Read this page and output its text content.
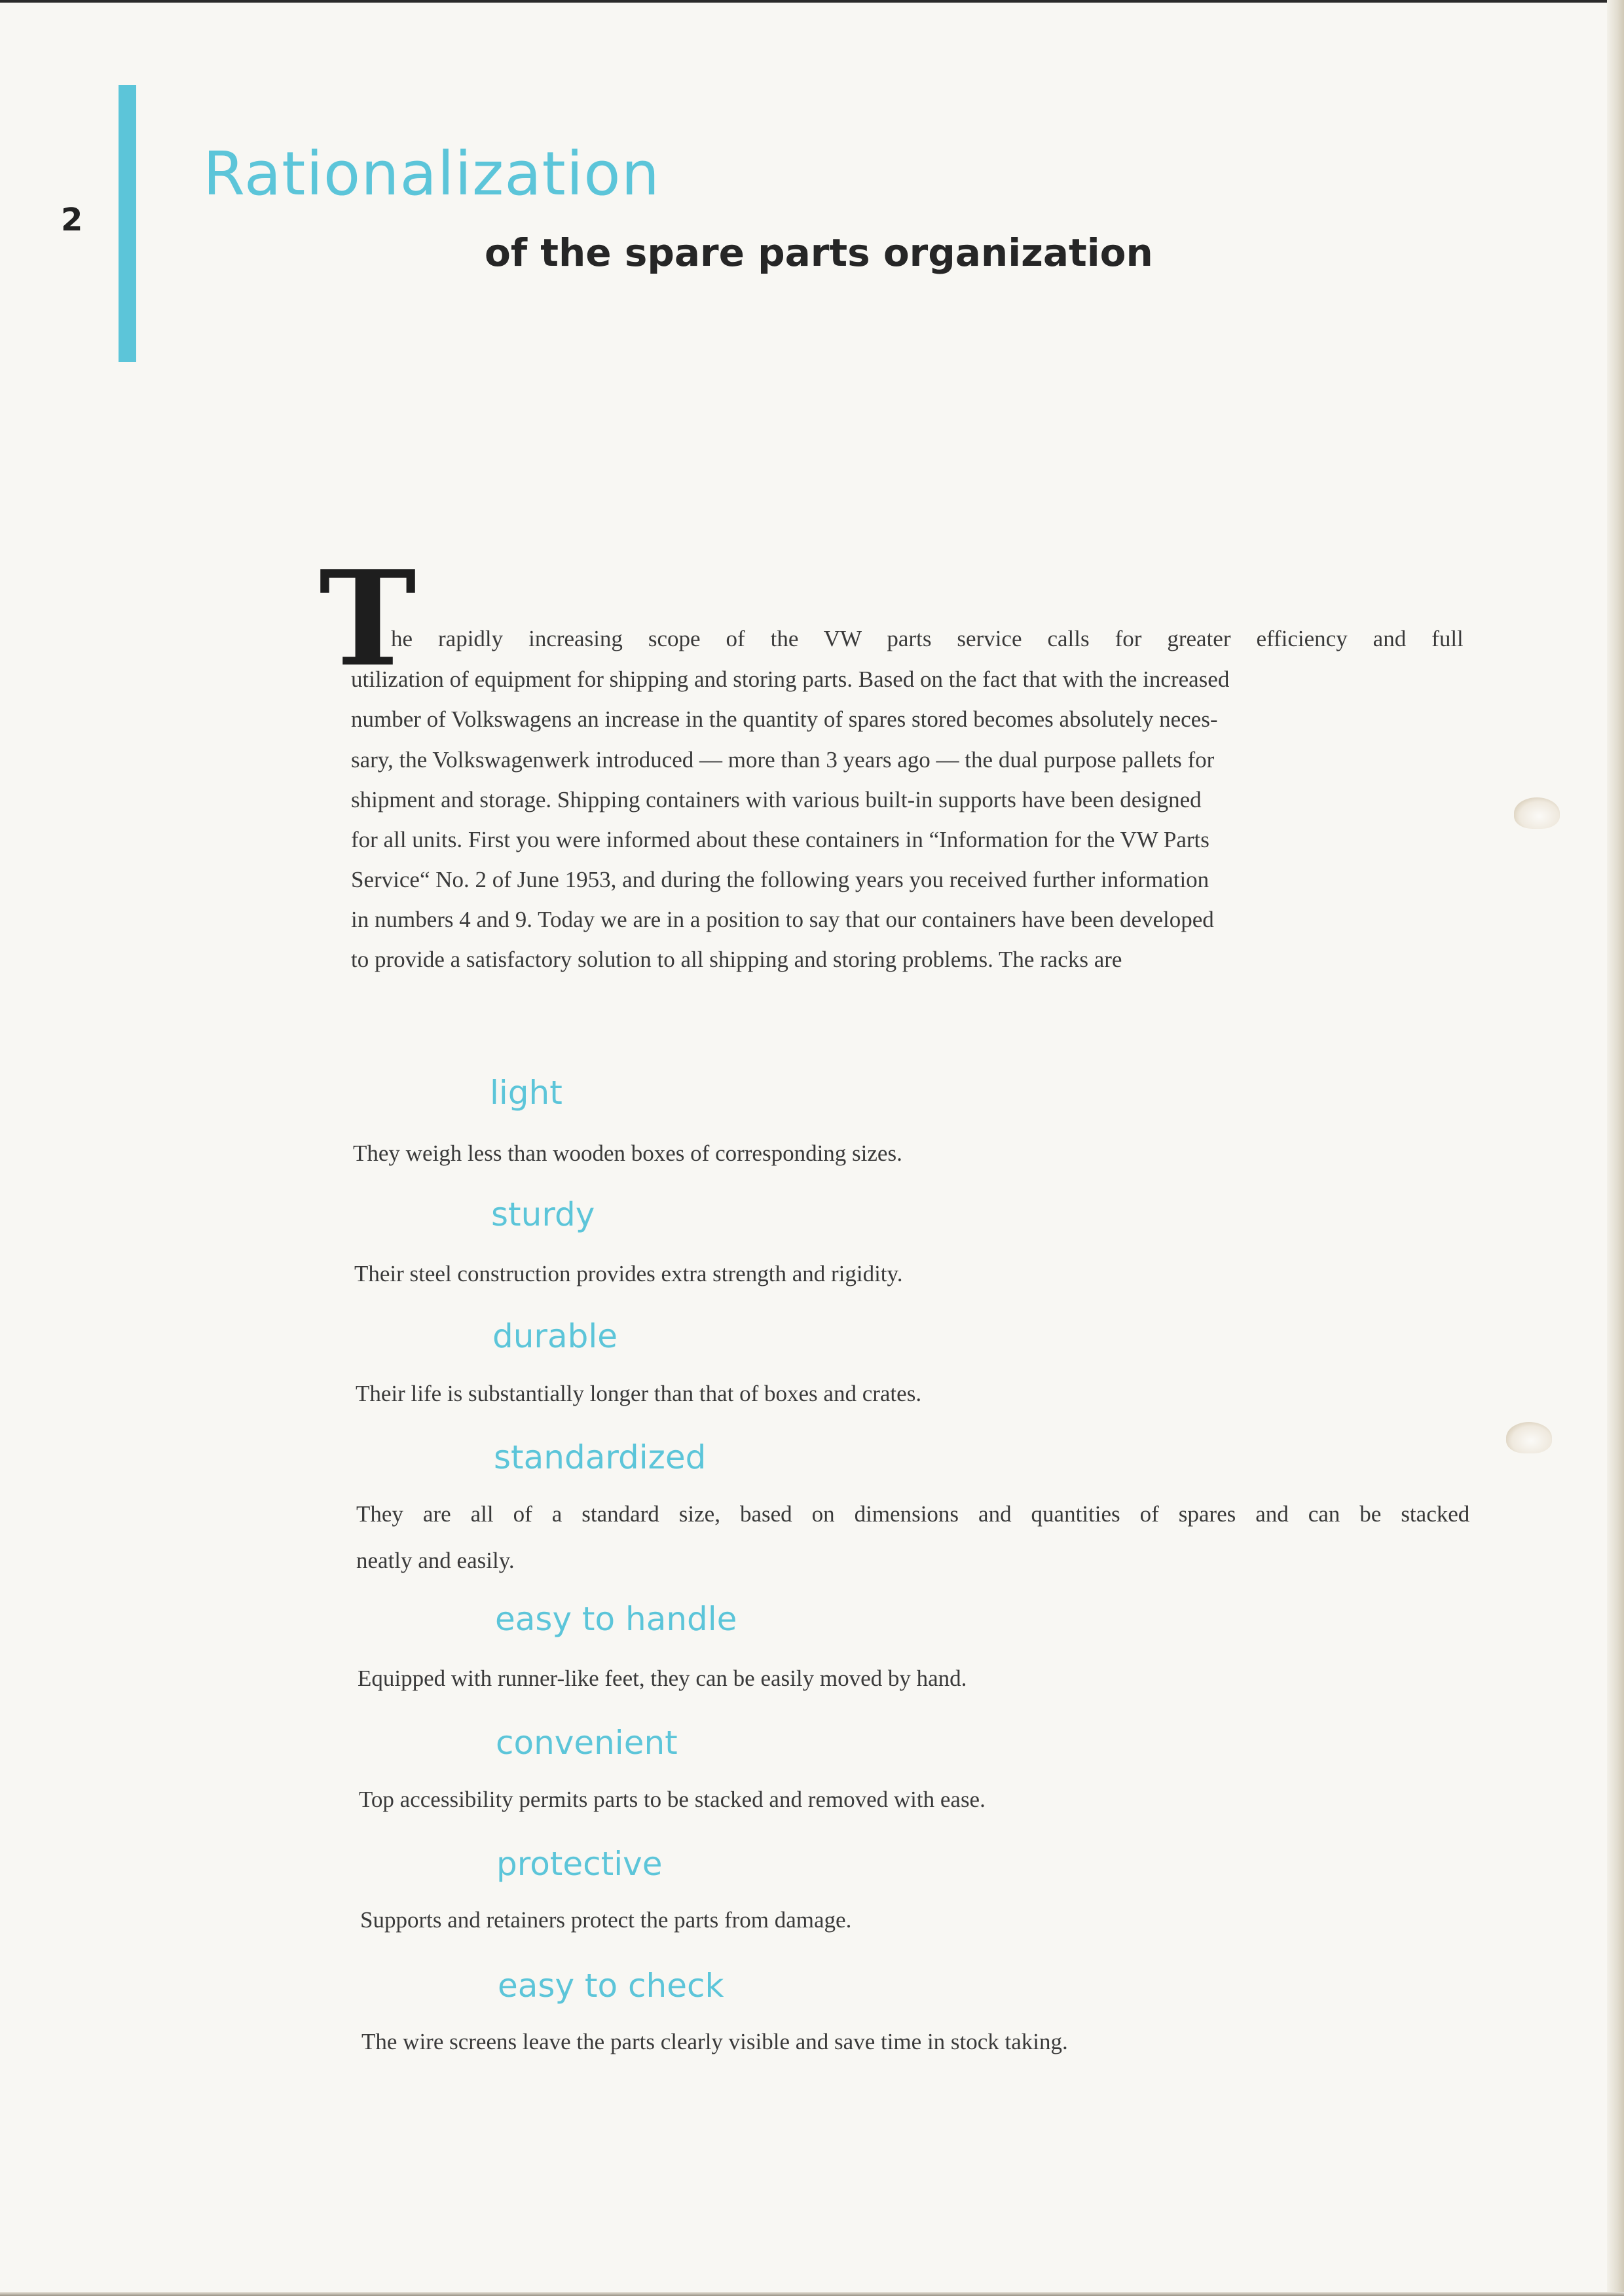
2
Rationalization
of the spare parts organization
T
he rapidly increasing scope of the VW parts service calls for greater efficiency and full
utilization of equipment for shipping and storing parts. Based on the fact that with the increased
number of Volkswagens an increase in the quantity of spares stored becomes absolutely neces-
sary, the Volkswagenwerk introduced — more than 3 years ago — the dual purpose pallets for
shipment and storage. Shipping containers with various built-in supports have been designed
for all units. First you were informed about these containers in “Information for the VW Parts
Service“ No. 2 of June 1953, and during the following years you received further information
in numbers 4 and 9. Today we are in a position to say that our containers have been developed
to provide a satisfactory solution to all shipping and storing problems. The racks are
light
They weigh less than wooden boxes of corresponding sizes.
sturdy
Their steel construction provides extra strength and rigidity.
durable
Their life is substantially longer than that of boxes and crates.
standardized
They are all of a standard size, based on dimensions and quantities of spares and can be stacked
neatly and easily.
easy to handle
Equipped with runner-like feet, they can be easily moved by hand.
convenient
Top accessibility permits parts to be stacked and removed with ease.
protective
Supports and retainers protect the parts from damage.
easy to check
The wire screens leave the parts clearly visible and save time in stock taking.
